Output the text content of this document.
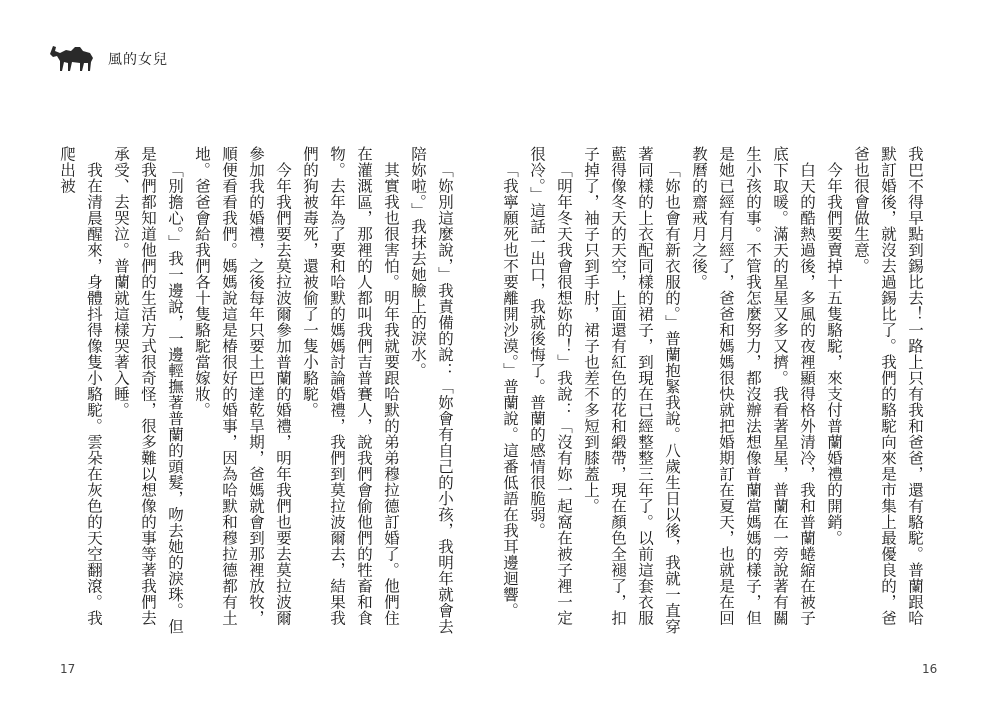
風的女兒

我巴不得早點到錫比去！一路上只有我和爸爸，還有駱駝。普蘭跟哈默訂婚後，就沒去過錫比了。我們的駱駝向來是市集上最優良的，爸爸也很會做生意。

今年我們要賣掉十五隻駱駝，來支付普蘭婚禮的開銷。

白天的酷熱過後，多風的夜裡顯得格外清冷，我和普蘭蜷縮在被子底下取暖。滿天的星星又多又擠。我看著星星，普蘭在一旁說著有關生小孩的事。不管我怎麼努力，都沒辦法想像普蘭當媽媽的樣子，但是她已經有月經了，爸爸和媽媽很快就把婚期訂在夏天，也就是在回教曆的齋戒月之後。

「妳也會有新衣服的。」普蘭抱緊我說。八歲生日以後，我就一直穿著同樣的上衣配同樣的裙子，到現在已經整整三年了。以前這套衣服藍得像冬天的天空，上面還有紅色的花和緞帶，現在顏色全褪了，扣子掉了，袖子只到手肘，裙子也差不多短到膝蓋上。

「明年冬天我會很想妳的！」我說：「沒有妳一起窩在被子裡一定很冷。」這話一出口，我就後悔了。普蘭的感情很脆弱。

「我寧願死也不要離開沙漠。」普蘭說。這番低語在我耳邊迴響。

「妳別這麼說，」我責備的說：「妳會有自己的小孩，我明年就會去陪妳啦。」我抹去她臉上的淚水。

其實我也很害怕。明年我就要跟哈默的弟弟穆拉德訂婚了。他們住在灌溉區，那裡的人都叫我們吉普賽人，說我們會偷他們的牲畜和食物。去年為了要和哈默的媽媽討論婚禮，我們到莫拉波爾去，結果我們的狗被毒死，還被偷了一隻小駱駝。

今年我們要去莫拉波爾參加普蘭的婚禮，明年我們也要去莫拉波爾參加我的婚禮，之後每年只要土巴達乾旱期，爸媽就會到那裡放牧，順便看看我們。媽媽說這是椿很好的婚事，因為哈默和穆拉德都有土地。爸爸會給我們各十隻駱駝當嫁妝。

「別擔心。」我一邊說，一邊輕撫著普蘭的頭髮，吻去她的淚珠。但是我們都知道他們的生活方式很奇怪，很多難以想像的事等著我們去承受、去哭泣。普蘭就這樣哭著入睡。

我在清晨醒來，身體抖得像隻小駱駝。雲朵在灰色的天空翻滾。我爬出被

17	16
